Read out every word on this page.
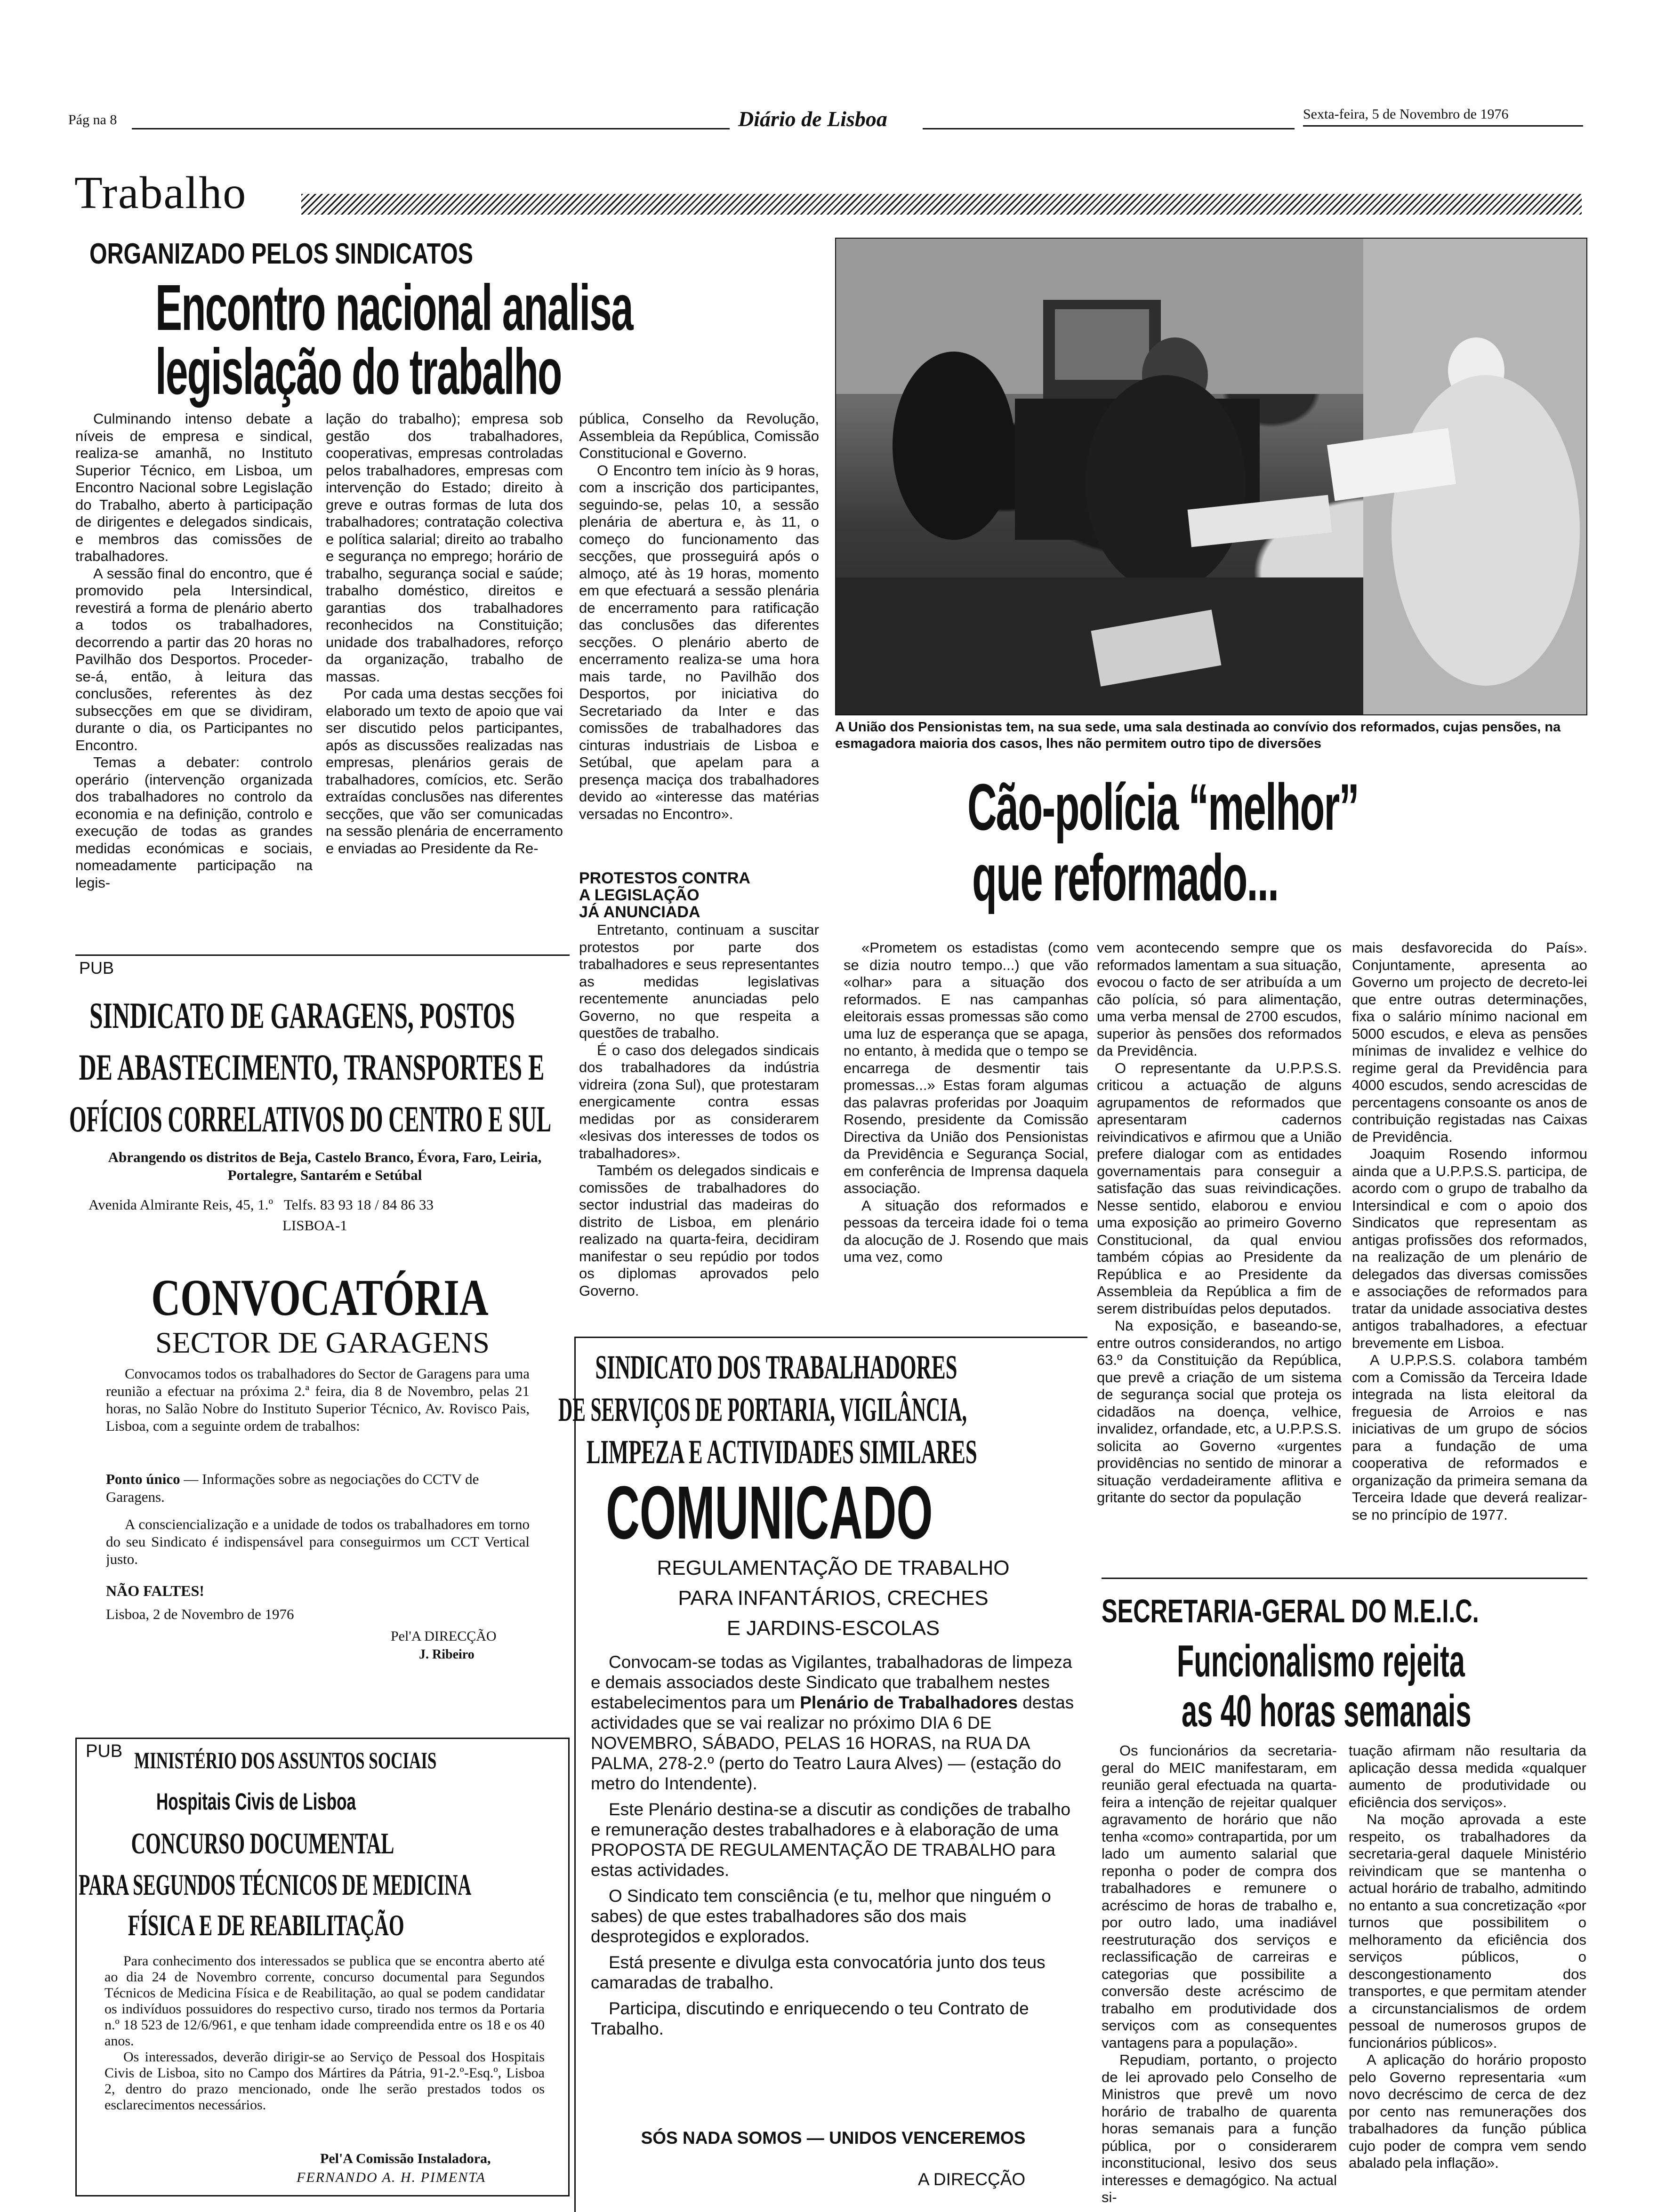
Pág na 8	Diário de Lisboa	Sexta-feira, 5 de Novembro de 1976
Trabalho
ORGANIZADO PELOS SINDICATOS
Encontro nacional analisa
legislação do trabalho

Culminando intenso debate a níveis de empresa e sindical, realiza-se amanhã, no Instituto Superior Técnico, em Lisboa, um Encontro Nacional sobre Legislação do Trabalho, aberto à participação de dirigentes e delegados sindicais, e membros das comissões de trabalhadores.

A sessão final do encontro, que é promovido pela Intersindical, revestirá a forma de plenário aberto a todos os trabalhadores, decorrendo a partir das 20 horas no Pavilhão dos Desportos. Proceder-se-á, então, à leitura das conclusões, referentes às dez subsecções em que se dividiram, durante o dia, os Participantes no Encontro.

Temas a debater: controlo operário (intervenção organizada dos trabalhadores no controlo da economia e na definição, controlo e execução de todas as grandes medidas económicas e sociais, nomeadamente participação na legis-

lação do trabalho); empresa sob gestão dos trabalhadores, cooperativas, empresas controladas pelos trabalhadores, empresas com intervenção do Estado; direito à greve e outras formas de luta dos trabalhadores; contratação colectiva e política salarial; direito ao trabalho e segurança no emprego; horário de trabalho, segurança social e saúde; trabalho doméstico, direitos e garantias dos trabalhadores reconhecidos na Constituição; unidade dos trabalhadores, reforço da organização, trabalho de massas.

Por cada uma destas secções foi elaborado um texto de apoio que vai ser discutido pelos participantes, após as discussões realizadas nas empresas, plenários gerais de trabalhadores, comícios, etc. Serão extraídas conclusões nas diferentes secções, que vão ser comunicadas na sessão plenária de encerramento e enviadas ao Presidente da Re-

pública, Conselho da Revolução, Assembleia da República, Comissão Constitucional e Governo.

O Encontro tem início às 9 horas, com a inscrição dos participantes, seguindo-se, pelas 10, a sessão plenária de abertura e, às 11, o começo do funcionamento das secções, que prosseguirá após o almoço, até às 19 horas, momento em que efectuará a sessão plenária de encerramento para ratificação das conclusões das diferentes secções. O plenário aberto de encerramento realiza-se uma hora mais tarde, no Pavilhão dos Desportos, por iniciativa do Secretariado da Inter e das comissões de trabalhadores das cinturas industriais de Lisboa e Setúbal, que apelam para a presença maciça dos trabalhadores devido ao «interesse das matérias versadas no Encontro».

PROTESTOS CONTRA
A LEGISLAÇÃO
JÁ ANUNCIADA

Entretanto, continuam a suscitar protestos por parte dos trabalhadores e seus representantes as medidas legislativas recentemente anunciadas pelo Governo, no que respeita a questões de trabalho.

É o caso dos delegados sindicais dos trabalhadores da indústria vidreira (zona Sul), que protestaram energicamente contra essas medidas por as considerarem «lesivas dos interesses de todos os trabalhadores».

Também os delegados sindicais e comissões de trabalhadores do sector industrial das madeiras do distrito de Lisboa, em plenário realizado na quarta-feira, decidiram manifestar o seu repúdio por todos os diplomas aprovados pelo Governo.

A União dos Pensionistas tem, na sua sede, uma sala destinada ao convívio dos reformados, cujas pensões, na esmagadora maioria dos casos, lhes não permitem outro tipo de diversões
Cão-polícia “melhor”
que reformado...

«Prometem os estadistas (como se dizia noutro tempo...) que vão «olhar» para a situação dos reformados. E nas campanhas eleitorais essas promessas são como uma luz de esperança que se apaga, no entanto, à medida que o tempo se encarrega de desmentir tais promessas...» Estas foram algumas das palavras proferidas por Joaquim Rosendo, presidente da Comissão Directiva da União dos Pensionistas da Previdência e Segurança Social, em conferência de Imprensa daquela associação.

A situação dos reformados e pessoas da terceira idade foi o tema da alocução de J. Rosendo que mais uma vez, como

vem acontecendo sempre que os reformados lamentam a sua situação, evocou o facto de ser atribuída a um cão polícia, só para alimentação, uma verba mensal de 2700 escudos, superior às pensões dos reformados da Previdência.

O representante da U.P.P.S.S. criticou a actuação de alguns agrupamentos de reformados que apresentaram cadernos reivindicativos e afirmou que a União prefere dialogar com as entidades governamentais para conseguir a satisfação das suas reivindicações. Nesse sentido, elaborou e enviou uma exposição ao primeiro Governo Constitucional, da qual enviou também cópias ao Presidente da República e ao Presidente da Assembleia da República a fim de serem distribuídas pelos deputados.

Na exposição, e baseando-se, entre outros considerandos, no artigo 63.º da Constituição da República, que prevê a criação de um sistema de segurança social que proteja os cidadãos na doença, velhice, invalidez, orfandade, etc, a U.P.P.S.S. solicita ao Governo «urgentes providências no sentido de minorar a situação verdadeiramente aflitiva e gritante do sector da população

mais desfavorecida do País». Conjuntamente, apresenta ao Governo um projecto de decreto-lei que entre outras determinações, fixa o salário mínimo nacional em 5000 escudos, e eleva as pensões mínimas de invalidez e velhice do regime geral da Previdência para 4000 escudos, sendo acrescidas de percentagens consoante os anos de contribuição registadas nas Caixas de Previdência.

Joaquim Rosendo informou ainda que a U.P.P.S.S. participa, de acordo com o grupo de trabalho da Intersindical e com o apoio dos Sindicatos que representam as antigas profissões dos reformados, na realização de um plenário de delegados das diversas comissões e associações de reformados para tratar da unidade associativa destes antigos trabalhadores, a efectuar brevemente em Lisboa.

A U.P.P.S.S. colabora também com a Comissão da Terceira Idade integrada na lista eleitoral da freguesia de Arroios e nas iniciativas de um grupo de sócios para a fundação de uma cooperativa de reformados e organização da primeira semana da Terceira Idade que deverá realizar-se no princípio de 1977.

PUB
SINDICATO DE GARAGENS, POSTOS
DE ABASTECIMENTO, TRANSPORTES E
OFÍCIOS CORRELATIVOS DO CENTRO E SUL
Abrangendo os distritos de Beja, Castelo Branco, Évora, Faro, Leiria, Portalegre, Santarém e Setúbal
Avenida Almirante Reis, 45, 1.º   Telfs. 83 93 18 / 84 86 33
LISBOA-1
CONVOCATÓRIA
SECTOR DE GARAGENS

Convocamos todos os trabalhadores do Sector de Garagens para uma reunião a efectuar na próxima 2.ª feira, dia 8 de Novembro, pelas 21 horas, no Salão Nobre do Instituto Superior Técnico, Av. Rovisco Pais, Lisboa, com a seguinte ordem de trabalhos:

Ponto único — Informações sobre as negociações do CCTV de Garagens.

A consciencialização e a unidade de todos os trabalhadores em torno do seu Sindicato é indispensável para conseguirmos um CCT Vertical justo.

NÃO FALTES!
Lisboa, 2 de Novembro de 1976
Pel'A DIRECÇÃO
J. Ribeiro
PUB MINISTÉRIO DOS ASSUNTOS SOCIAIS
Hospitais Civis de Lisboa
CONCURSO DOCUMENTAL
PARA SEGUNDOS TÉCNICOS DE MEDICINA
FÍSICA E DE REABILITAÇÃO

Para conhecimento dos interessados se publica que se encontra aberto até ao dia 24 de Novembro corrente, concurso documental para Segundos Técnicos de Medicina Física e de Reabilitação, ao qual se podem candidatar os indivíduos possuidores do respectivo curso, tirado nos termos da Portaria n.º 18 523 de 12/6/961, e que tenham idade compreendida entre os 18 e os 40 anos.

Os interessados, deverão dirigir-se ao Serviço de Pessoal dos Hospitais Civis de Lisboa, sito no Campo dos Mártires da Pátria, 91-2.º-Esq.º, Lisboa 2, dentro do prazo mencionado, onde lhe serão prestados todos os esclarecimentos necessários.

Pel'A Comissão Instaladora,
FERNANDO A. H. PIMENTA
SINDICATO DOS TRABALHADORES
DE SERVIÇOS DE PORTARIA, VIGILÂNCIA,
LIMPEZA E ACTIVIDADES SIMILARES
COMUNICADO
REGULAMENTAÇÃO DE TRABALHO
PARA INFANTÁRIOS, CRECHES
E JARDINS-ESCOLAS

Convocam-se todas as Vigilantes, trabalhadoras de limpeza e demais associados deste Sindicato que trabalhem nestes estabelecimentos para um Plenário de Trabalhadores destas actividades que se vai realizar no próximo DIA 6 DE NOVEMBRO, SÁBADO, PELAS 16 HORAS, na RUA DA PALMA, 278-2.º (perto do Teatro Laura Alves) — (estação do metro do Intendente).

Este Plenário destina-se a discutir as condições de trabalho e remuneração destes trabalhadores e à elaboração de uma PROPOSTA DE REGULAMENTAÇÃO DE TRABALHO para estas actividades.

O Sindicato tem consciência (e tu, melhor que ninguém o sabes) de que estes trabalhadores são dos mais desprotegidos e explorados.

Está presente e divulga esta convocatória junto dos teus camaradas de trabalho.

Participa, discutindo e enriquecendo o teu Contrato de Trabalho.

SÓS NADA SOMOS — UNIDOS VENCEREMOS
A DIRECÇÃO
SECRETARIA-GERAL DO M.E.I.C.
Funcionalismo rejeita
as 40 horas semanais

Os funcionários da secretaria-geral do MEIC manifestaram, em reunião geral efectuada na quarta-feira a intenção de rejeitar qualquer agravamento de horário que não tenha «como» contrapartida, por um lado um aumento salarial que reponha o poder de compra dos trabalhadores e remunere o acréscimo de horas de trabalho e, por outro lado, uma inadiável reestruturação dos serviços e reclassificação de carreiras e categorias que possibilite a conversão deste acréscimo de trabalho em produtividade dos serviços com as consequentes vantagens para a população».

Repudiam, portanto, o projecto de lei aprovado pelo Conselho de Ministros que prevê um novo horário de trabalho de quarenta horas semanais para a função pública, por o considerarem inconstitucional, lesivo dos seus interesses e demagógico. Na actual si-

tuação afirmam não resultaria da aplicação dessa medida «qualquer aumento de produtividade ou eficiência dos serviços».

Na moção aprovada a este respeito, os trabalhadores da secretaria-geral daquele Ministério reivindicam que se mantenha o actual horário de trabalho, admitindo no entanto a sua concretização «por turnos que possibilitem o melhoramento da eficiência dos serviços públicos, o descongestionamento dos transportes, e que permitam atender a circunstancialismos de ordem pessoal de numerosos grupos de funcionários públicos».

A aplicação do horário proposto pelo Governo representaria «um novo decréscimo de cerca de dez por cento nas remunerações dos trabalhadores da função pública cujo poder de compra vem sendo abalado pela inflação».
